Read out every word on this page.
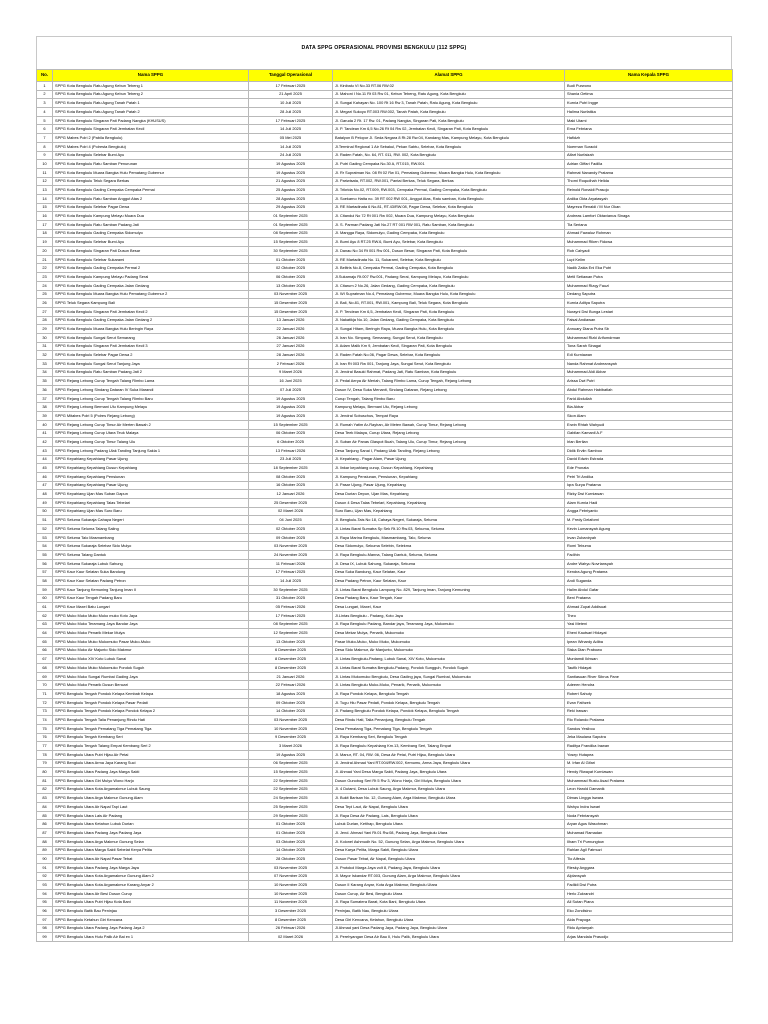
DATA SPPG OPERASIONAL PROVINSI BENGKULU (112 SPPG)
No.	Nama SPPG	Tanggal Operasional	Alamat SPPG	Nama Kepala SPPG
1	SPPG Kota Bengkulu Ratu Agung Kebun Tebeng 1	17 Februari 2025	Jl. Kinibalu VI No.33 RT.06 RW.02	Budi Purwono
2	SPPG Kota Bengkulu Ratu Agung Kebun Tebeng 2	21 April 2025	Jl. Mahoni I No.11 Rt 03 Rw 01, Kebun Tebeng, Ratu Agung, Kota Bengkulu	Shania Oetima
3	SPPG Kota Bengkulu Ratu Agung Tanah Patah 1	10 Juli 2025	Jl. Sungai Kahayan No. 100 Rt 16 Rw 3, Tanah Patah, Ratu Agung, Kota Bengkulu	Kurnia Putri Ingge
4	SPPG Kota Bengkulu Ratu Agung Tanah Patah 2	28 Juli 2025	Jl. Megari Sukoyo RT.003 RW.002, Tanah Patah, Kota Bengkulu	Halima Nurfatika
5	SPPG Kota Bengkulu Singaran Pati Padang Nangka (KHUSUS)	17 Februari 2025	Jl. Garuda 2 Rt. 17 Rw. 01, Padang Nangka, Singaran Pati, Kota Bengkulu	Maki Utami
6	SPPG Kota Bengkulu Singaran Pati Jembatan Kecil	14 Juli 2025	Jl. P. Tandean Km 6,5 No.26 Rt 04 Rw 02, Jembatan Kecil, Singaran Pati, Kota Bengkulu	Erna Febriana
7	SPPG Mabes Polri 2 (Pabila Bengkulu)	05 Mei 2025	Batalyon B Pelopor Jl. Seda Negara 8 Rt.28 Rw.04, Kandang Mas, Kampung Melayu, Kota Bengkulu	Hafidzh
8	SPPG Mabes Polri 4 (Polresta Bengkulu)	14 Juli 2025	Jl.Terminal Regional 1 Air Sebakul, Pekan Sabtu, Selebar, Kota Bengkulu	Noerman Suracid
9	SPPG Kota Bengkulu Selebar Bumi Ayu	24 Juli 2025	Jl. Raden Fatah, No. 64, RT. 011, RW. 002, Kota Bengkulu	Alfart Nurfaizah
10	SPPG Kota Bengkulu Ratu Samban Penurunan	19 Agustus 2025	Jl. Putri Gading Cempaka No.30 A, RT.015, RW.001	Adrian Giffari Fadilla
11	SPPG Kota Bengkulu Muara Bangka Hulu Pematang Gubernur	19 Agustus 2025	Jl. Rr Supratman No. 08 Rt 02 Rw 01, Pematang Gubernur, Muara Bangka Hulu, Kota Bengkulu	Rahmat Nanandy Pratama
12	SPPG Kota Bengkulu Teluk Segara Berkas	21 Agustus 2025	Jl. Pariwisata, RT.002, RW.001, Pantai Berkas, Teluk Segara, Berkas	Thomi Roqudhah Helida
13	SPPG Kota Bengkulu Gading Cempaka Cempaka Permai	25 Agustus 2025	Jl. Trikrida No.02, RT.009, RW.003, Cempaka Permai, Gading Cempaka, Kota Bengkulu	Reinold Ronaldi Prasojo
14	SPPG Kota Bengkulu Ratu Samban Anggut Atas 2	28 Agustus 2025	Jl. Soekarno Hatta no. 39 RT 002 RW 001, Anggut Atas, Ratu samban, Kota Bengkulu	Ardika Okta Aryatasyah
15	SPPG Kota Bengkulu Selebar Pagar Dewa	29 Agustus 2025	Jl. RE Martadinata 6 No.81, RT.43/RW.08, Pagar Dewa, Selebar, Kota Bengkulu	Mayreza Renaldi / M Nur Okan
16	SPPG Kota Bengkulu Kampung Melayu Muara Dua	01 September 2025	Jl. Citandui No 72 Rt 001 Rw 002, Muara Dua, Kampung Melayu, Kota Bengkulu	Andreas Lamfort Oktavianus Sinaga
17	SPPG Kota Bengkulu Ratu Samban Padang Jati	01 September 2025	Jl. S. Parman Padang Jati No.27 RT 001 RW 001, Ratu Samban, Kota Bengkulu	Tia Seriana
18	SPPG Kota Bengkulu Gading Cempaka Sidomulyo	08 September 2025	Jl. Mangga Raya, Sidomulyo, Gading Cempaka, Kota Bengkulu	Ahmad Fawaluz Rohman
19	SPPG Kota Bengkulu Selebar Bumi Ayu	15 September 2025	Jl. Bumi Ayu 8 RT.25 RW.6, Bumi Ayu, Selebar, Kota Bengkulu	Muhammad Riken Fidowa
20	SPPG Kota Bengkulu Singaran Pati Dusun Besar	30 September 2025	Jl. Danau No 34 Rt 001 Rw 001, Dusun Besar, Singaran Pati, Kota Bengkulu	Rob Cahyadi
21	SPPG Kota Bengkulu Selebar Sukarami	01 Oktober 2025	Jl. RE Martadinata No. 11, Sukarami, Selebar, Kota Bengkulu	Lupi Kelim
22	SPPG Kota Bengkulu Gading Cempaka Permai 2	02 Oktober 2025	Jl. Belitris No.8, Cempaka Permai, Gading Cempaka, Kota Bengkulu	Nadik Zakia Eni Eka Putri
23	SPPG Kota Bengkulu Kampung Melayu Padang Serai	06 Oktober 2025	Jl.Sukamaju Rt.007 Rw.001, Padang Serai, Kampung Melayu, Kota Bengkulu	Metil Setiawan Putra
24	SPPG Kota Bengkulu Gading Cempaka Jalan Gedang	13 Oktober 2025	Jl. Citarum 2 No.26, Jalan Gedang, Gading Cempaka, Kota Bengkulu	Muhammad Rizqy Fauzi
25	SPPG Kota Bengkulu Muara Bangka Hulu Pematang Gubernur 2	03 November 2025	Jl. WI Supratman No.4, Pematang Gubernur, Muara Bangka Hulu, Kota Bengkulu	Dedang Saputra
26	SPPG Teluk Segara Kampung Bali	15 Desember 2025	Jl. Bali, No.81, RT.001, RW.001, Kampung Bali, Teluk Segara, Kota Bengkulu	Kurnia Aditya Saputra
27	SPPG Kota Bengkulu Singaran Pati Jembatan Kecil 2	15 Desember 2025	Jl. P. Tendean Km 6,5, Jembatan Kecil, Singaran Pati, Kota Bengkulu	Nurayni Dwi Bunga Lestari
28	SPPG Kota Bengkulu Gading Cempaka Jalan Gedang 2	13 Januari 2026	Jl. Nakatikja No.10, Jalan Gedang, Gading Cempaka, Kota Bengkulu	Faisal Andiawan
29	SPPG Kota Bengkulu Muara Bangka Hulu Beringin Raya	22 Januari 2026	Jl. Sungai Hitam, Beringin Raya, Muara Bangka Hulu, Kota Bengkulu	Annuary Diana Putra Sb
30	SPPG Kota Bengkulu Sungai Serut Semarang	26 Januari 2026	Jl. Iran No. Simpang, Semarang, Sungai Serut, Kota Bengkulu	Muhammad Rizki Arifumdrman
31	SPPG Kota Bengkulu Singaran Pati Jembatan Kecil 3	27 Januari 2026	Jl. Adam Malik Km 9, Jembatan Kecil, Singaran Pati, Kota Bengkulu	Tona Sarah Sinagai
32	SPPG Kota Bengkulu Selebar Pagar Dewa 2	28 Januari 2026	Jl. Raden Fatah No.06, Pagar Dewa, Selebar, Kota Bengkulu	Edi Kurniawan
33	SPPG Kota Bengkulu Sungai Serut Tanjung Jaya	2 Februari 2026	Jl. Iran Rt 003 Rw 001, Tanjung Jaya, Sungai Serut, Kota Bengkulu	Nanda Rahmat Andreansyah
34	SPPG Kota Bengkulu Ratu Samban Padang Jati 2	9 Maret 2026	Jl. Jendral Basuki Rahmat, Padang Jati, Ratu Samban, Kota Bengkulu	Muhammad Aldi Akbar
35	SPPG Rejang Lebong Curup Tengah Talang Rimbo Lama	16 Juni 2025	Jl. Pedal Aerya Air Meriah, Talang Rimbo Lama, Curup Tengah, Rejang Lebong	Arissa Dwi Putri
36	SPPG Rejang Lebong Sindang Dataran IV Suka Marandi	07 Juli 2025	Dusun IV, Desa Suka Menanti, Sindang Dataran, Rejang Lebong	Abdul Rahman Habibatlah
37	SPPG Rejang Lebong Curup Tengah Talang Rimbo Baru	19 Agustus 2025	Curup Tengah, Talang Rimbo Baru	Farid Abdullah
38	SPPG Rejang Lebong Bermani Ulu Kampung Melayu	19 Agustus 2025	Kampung Melayu, Bermani Ulu, Rejang Lebong	Bia Akbar
39	SPPG Mitabes Polri 5 (Polres Rejang Lebong)	19 Agustus 2025	Jl. Jendral Sobuschus, Tempat Raya	Skon Alam
40	SPPG Rejang Lebong Curup Timur Air Merten Bawah 2	15 September 2025	Jl. Rumah Yatim Ar-Rayhan, Air Meten Bawah, Curup Timur, Rejang Lebong	Erwin Rhtah Wahyudi
41	SPPG Rejang Lebong Curup Utara Teuk Malaya	06 Oktober 2025	Desa Teek Malaya, Curup Utara, Rejang Lebong	Gabilan Kamanil A.F
42	SPPG Rejang Lebong Curup Timur Talang Ulu	6 Oktober 2025	Jl. Suban Air Panas Glaspot Buah, Talang Ulu, Curup Timur, Rejang Lebong	Irlan Berlian
43	SPPG Rejang Lebong Padang Ulak Tanding Tanjung Sakia 1	13 Februari 2026	Desa Tanjung Sanai I, Padang Ulak Tanding, Rejang Lebong	Didik Erviin Samboo
44	SPPG Kepahiang Kepahiang Pasar Ujung	23 Juli 2025	Jl. Kepahiang - Pagar Alam, Pasar Ujung	David Edwin Estrada
45	SPPG Kepahiang Kepahiang Dusun Kepahiang	18 September 2025	Jl. linkar kepahiang curup, Dusun Kepahiang, Kepahiang	Ede Pronata
46	SPPG Kepahiang Kepahiang Pensiunan	08 Oktober 2025	Jl. Kampung Pensiunan, Pensiunan, Kepahiang	Petri Tri Andika
47	SPPG Kepahiang Kepahiang Pasar Ujung	16 Oktober 2025	Jl. Pasar Ujung, Pasar Ujung, Kepahiang	Iqra Surya Pratama
48	SPPG Kepahiang Ujan Mas Suban Dapun	12 Januari 2026	Desa Durian Depun, Ujan Mas, Kepahiang	Rizky Dwi Kurniawan
49	SPPG Kepahiang Kepahiang Talas Tebelari	25 Desember 2025	Dusun 4 Desa Talas Tebelari, Kepahiang, Kepahiang	Alam Kurnia Hadi
50	SPPG Kepahiang Ujan Mas Suro Baru	02 Maret 2026	Suro Baru, Ujan Mas, Kepahiang	Angga Febriyanto
51	SPPG Seluma Sukaraja Cahaya Negeri	04 Juni 2025	Jl. Bengkulu-Tais No 18, Cahaya Negeri, Sukaraja, Seluma	M. Fredy Delaforni
52	SPPG Seluma Seluma Talang Saling	02 Oktober 2025	Jl. Lintas Barat Sumatra Sp Sek Rt.10 Rw.03, Sekuma, Seluma	Kevin Lumansyah Agung
53	SPPG Seluma Talo Masmambang	09 Oktober 2025	Jl. Raya Marina Bengkulu, Masmambang, Talo, Seluma	Irvan Zubaniryah
54	SPPG Seluma Sukaraja Selebar Sido Mulyo	03 November 2025	Desa Sidomulyo, Sekuma Selebin, Selekma	Romi Tebuma
55	SPPG Seluma Talang Dantuk	24 November 2025	Jl. Raya Bengkulu-Manna, Talang Dantuk, Seluma, Seluma	Fadihin
56	SPPG Seluma Sukaraja Lubuk Sahung	11 Februari 2026	Jl. Desa IX, Lubuk Sahung, Sukaraja, Sekuma	Andre Wahyu Novriansyah
57	SPPG Kaur Kaur Selatan Suka Bandung	17 Februari 2025	Desa Suka Bandung, Kaur Selatan, Kaur	Kendra Agung Pratama
58	SPPG Kaur Kaur Selatan Padang Petron	14 Juli 2025	Desa Padang Petron, Kaur Selatan, Kaur	Andi Suganda
59	SPPG Kaur Tanjung Kemuning Tanjung Iman II	30 September 2025	Jl. Lintas Barat Bengkulu Lampung No. 829, Tanjung Iman, Tanjung Kemuning	Halim Abdul Gafar
60	SPPG Kaur Kaur Tengah Padang Baru	31 Oktober 2025	Desa Padang Baru, Kaur Tengah, Kaur	Beni Pratama
61	SPPG Kaur Maxel Batu Lungari	05 Februari 2026	Desa Lungari, Maxel, Kaur	Ahmad Zupat Addisuat
62	SPPG Muko Muko Muko Muko muko Koto Jaya	17 Februari 2025	Jl.Lintas Bengkulu - Padang, Koto Jaya	Theo
63	SPPG Muko Muko Teramang Jaya Bandar Jaya	08 September 2025	Jl. Raya Bengkulu Padang, Bandar jaya, Teramang Jaya, Mukomuko	Yasi Meteni
64	SPPG Muko Muko Penarik Mekar Mulya	12 September 2025	Desa Mekar Mulya, Penarik, Mukomuko	Eheni Kautsari Hidayat
65	SPPG Muko Muko Muko Mukomuko Pasar Muko-Muko	13 Oktober 2025	Pasar Muko-Muko, Muko Muko, Mukomuko	Ipean Winardy Adiba
66	SPPG Muko Muko Air Majunto Sido Makmur	6 Desember 2025	Desa Sido Makmur, Air Manjunto, Mukomuko	Siska Dian Prabowo
67	SPPG Muko Muko XIV Koto Lubuk Sanai	8 Desember 2025	Jl. Lintas Bengkulu-Padang, Lubuk Sanai, XIV Koto, Mukomuko	Muntamdi Ikhwan
68	SPPG Muko Muko Muko Mukomuko Pondok Suguh	8 Desember 2025	Jl. Lintas Barat Sumatra Bengkulu-Padang, Pondok Sungguh, Pondok Suguh	Taufik Hidayat
69	SPPG Muko Muko Sungai Rumbai Gading Jaya	21 Januari 2026	Jl. Lintas Mukomuko Bengkulu, Desa Gading jaya, Sungai Rumbai, Mukomuko	Santiasuan River Sibrus Pane
70	SPPG Muko Muko Penarik Dusun Bencari	22 Februari 2026	Jl. Lintas Bengkulu Muko-Muko, Penarik, Penarik, Mukomuko	Adeeen Hendra
71	SPPG Bengkulu Tengah Pondok Kelapa Kembab Kelapa	18 Agustus 2025	Jl. Raya Pondok Kelapa, Bengkulu Tengah	Robert Sahuty
72	SPPG Bengkulu Tengah Pondok Kelapa Pasar Pedati	09 Oktober 2025	Jl. Tugu Hiu Pasar Pedati, Pondok Kelapa, Bengkulu Tengah	Evan Fathzek
73	SPPG Bengkulu Tengah Pondok Kelapa Pondok Kelapa 2	14 Oktober 2025	Jl. Padang Bengkulu Pondok Kelapa, Pondok Kelapa, Bengkulu Tengah	Reki Irawan
74	SPPG Bengkulu Tengah Talia Penanjung Rindu Hati	03 November 2025	Desa Rindu Hati, Talia Penanjung, Bengkulu Tengah	Rio Rolando Pratama
75	SPPG Bengkulu Tengah Pematang Tiga Pematang Tiga	10 November 2025	Desa Pematang Tiga, Pematang Tiga, Bengkulu Tengah	Sandos Yesibou
76	SPPG Bengkulu Tengah Kembang Seri	9 Desember 2025	Jl. Raya Kembang Seri, Bengkulu Tengah	Jeka Maulana Saputra
77	SPPG Bengkulu Tengah Talang Empat Kembang Seri 2	3 Maret 2026	Jl. Raya Bengkulu Kepahiang Km.13, Kembang Seri, Talang Empat	Raditya Frandika Irawan
78	SPPG Bengkulu Utara Putri Hijau Air Petai	19 Agustus 2025	Jl. Manur, RT. 04, RW. 06, Desa Air Petai, Putri Hijau, Bengkulu Utara	Yosep Hutapea
79	SPPG Bengkulu Utara Arma Jaya Karang Suci	06 September 2025	Jl. Jendral Ahmad Yani RT.004/RW.002, Kemumu, Arma Jaya, Bengkulu Utara	M. Irfan Al Gifari
80	SPPG Bengkulu Utara Padang Jaya Marga Sakti	15 September 2025	Jl. Ahmad Yani Desa Marga Sakti, Padang Jaya, Bengkulu Utara	Hendy Riwayat Kurniawan
81	SPPG Bengkulu Utara Giri Mulyo Wono Harjo	22 September 2025	Dusun Gunobog Seri Rt 5 Rw 3, Wono Harjo, Giri Mulya, Bengkulu Utara	Muhammad Rustu Asad Pratama
82	SPPG Bengkulu Utara Kota Argamakmur Lubuk Saung	22 September 2025	Jl. 4 Dutami, Desa Lubuk Saung, Arga Makmur, Bengkulu Utara	Leon Harold Damanik
83	SPPG Bengkulu Utara Arga Makmur Gunung Alam	24 September 2025	Jl. Bukit Barisan No. 12, Gunung Alam, Arga Makmur, Bengkulu Utara	Dimas Lingga Iswara
84	SPPG Bengkulu Utara Air Napal Tapi Laut	25 September 2025	Desa Tepi Laut, Air Napal, Bengkulu Utara	Wahyu Indra Iswari
85	SPPG Bengkulu Utara Lais Air Padang	29 September 2025	Jl. Raya Desa Air Padang, Lais, Bengkulu Utara	Noda Febriansyah
86	SPPG Bengkulu Utara Ketahun Lubuk Durian	01 Oktober 2025	Lubuk Durian, Ketihap, Bengkulu Utara	Aryan Agus Wasohman
87	SPPG Bengkulu Utara Padang Jaya Padang Jaya	01 Oktober 2025	Jl. Jend. Ahmad Yani Rt.01 Rw.08, Padang Jaya, Bengkulu Utara	Muhamad Ramadan
88	SPPG Bengkulu Utara Arga Makmur Gunung Selan	03 Oktober 2025	Jl. Kolonel Ashmudh No. 52, Gunung Selan, Arga Makmur, Bengkulu Utara	Ilham Tri Purnungtow
89	SPPG Bengkulu Utara Marga Sakti Sebelat Kerya Pelita	14 Oktober 2025	Desa Karya Pelita, Marga Sakti, Bengkulu Utara	Rahlan Agil Fatmuzi
90	SPPG Bengkulu Utara Air Napal Pasar Tebat	28 Oktober 2025	Dusun Pasar Tebat, Air Napal, Bengkulu Utara	Tio Alfesia
91	SPPG Bengkulu Utara Padang Jaya Marga Jaya	03 November 2025	Jl. Protokol Marga Jaya volt 8, Padang Jaya, Bengkulu Utara	Riesky Anggara
92	SPPG Bengkulu Utara Kota Argamakmur Gunung Alam 2	07 November 2025	Jl. Mayor Iskandar RT.003, Gunung Alam, Arga Makmur, Bengkulu Utara	Alplansyah
93	SPPG Bengkulu Utara Kota Argamakmur Karang Anyar 2	10 November 2025	Dusun II Karang Anyar, Kota Arga Makmur, Bengkulu Utara	Fadildi Dwi Putra
94	SPPG Bengkulu Utara Air Besi Dusun Curup	10 November 2025	Dusun Curup, Air Besi, Bengkulu Utara	Herlo Zukrandri
95	SPPG Bengkulu Utara Putri Hijau Kota Bani	11 November 2025	Jl. Raya Sumatera Barat, Kota Bani, Bengkulu Utara	Ali Sutan Piana
96	SPPG Bengkulu Batik Bau Peninjau	3 Desember 2025	Peninjau, Batik Nau, Bengkulu Utara	Eko Zondisino
97	SPPG Bengkulu Ketahun Giri Kencana	8 Desember 2025	Desa Giri Kencana, Ketahun, Bengkulu Utara	Alda Prayoga
98	SPPG Bengkulu Utara Padang Jaya Padang Jaya 2	26 Februari 2026	Jl Ahmad yani Desa Padang Jaya, Padang Jaya, Bengkulu Utara	Ridu Aprianyah
99	SPPG Bengkulu Utara Hulu Palik Air Bai ex 1	02 Maret 2026	Jl. Perehyangan Desa Air Bau II, Hulu Palik, Bengkulu Utara	Arjas Mandala Prasodjo
